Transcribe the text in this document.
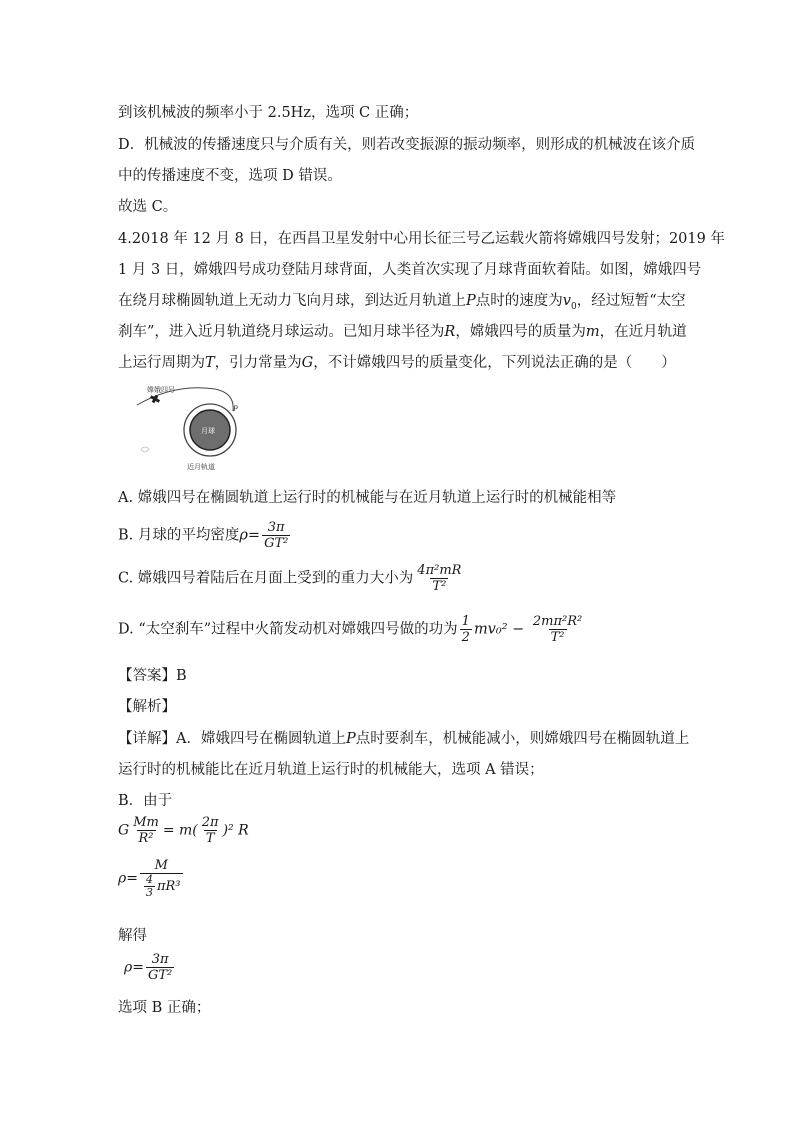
到该机械波的频率小于 2.5Hz，选项 C 正确；
D．机械波的传播速度只与介质有关，则若改变振源的振动频率，则形成的机械波在该介质
中的传播速度不变，选项 D 错误。
故选 C。
4.2018 年 12 月 8 日，在西昌卫星发射中心用长征三号乙运载火箭将嫦娥四号发射；2019 年
1 月 3 日，嫦娥四号成功登陆月球背面，人类首次实现了月球背面软着陆。如图，嫦娥四号
在绕月球椭圆轨道上无动力飞向月球，到达近月轨道上P点时的速度为$v_0$，经过短暂“太空
刹车”，进入近月轨道绕月球运动。已知月球半径为R，嫦娥四号的质量为m，在近月轨道
上运行周期为T，引力常量为G，不计嫦娥四号的质量变化，下列说法正确的是（　　）
嫦娥四号
P
月球
近月轨道
A. 嫦娥四号在椭圆轨道上运行时的机械能与在近月轨道上运行时的机械能相等
B. 月球的平均密度$\rho= \frac{3\pi}{\text{GT²}}$
C. 嫦娥四号着陆后在月面上受到的重力大小为 $\frac{\text{4π²mR}}{\text{T²}}$
D. “太空刹车”过程中火箭发动机对嫦娥四号做的功为 $\frac{1}{2} mv_0^2 - \frac{\text{2mπ²R²}}{\text{T²}}$
【答案】B
【解析】
【详解】A．嫦娥四号在椭圆轨道上P点时要刹车，机械能减小，则嫦娥四号在椭圆轨道上
运行时的机械能比在近月轨道上运行时的机械能大，选项 A 错误；
B．由于
G $\frac{Mm}{\text{R²}} = m( \frac{2\pi}{T} )^2$ R
$\rho= \frac{M}{\frac{4}{3} \pi R^3}$
解得
$\rho= \frac{3\pi}{\text{GT²}}$
选项 B 正确；
